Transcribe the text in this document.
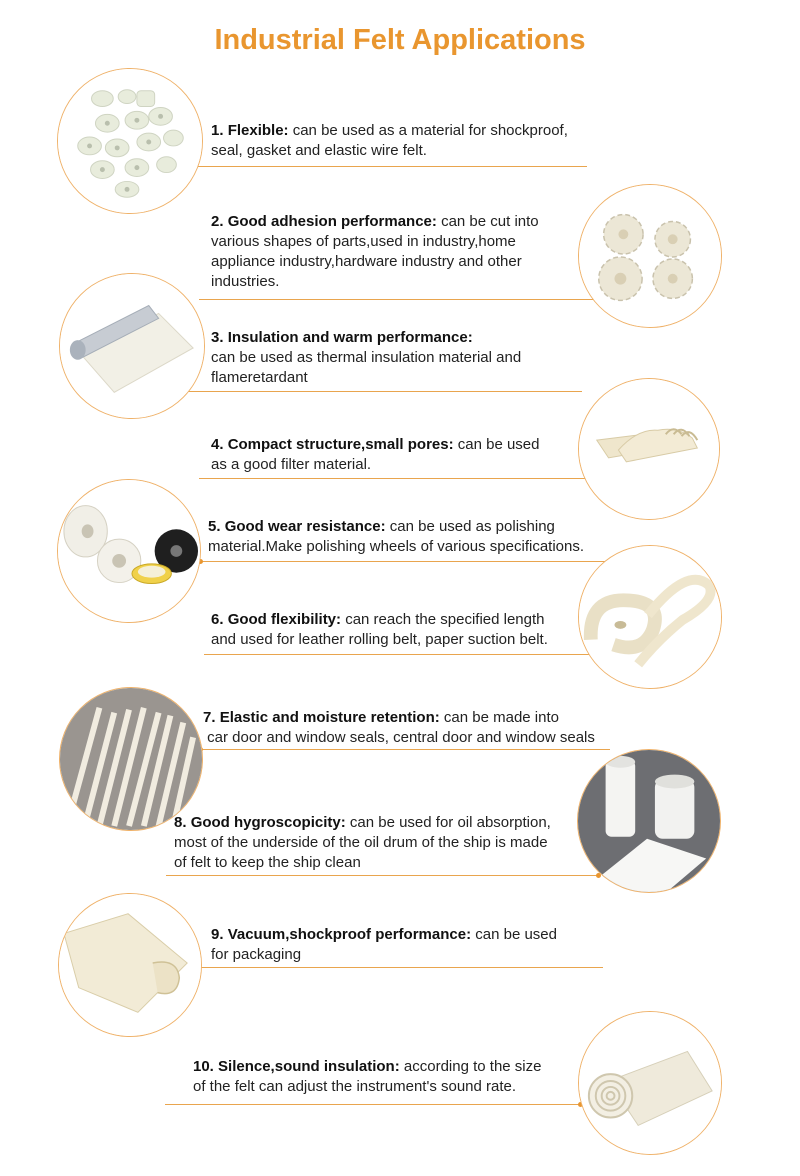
Industrial Felt Applications
1. Flexible: can be used as a material for shockproof,
seal, gasket and elastic wire felt.
2. Good adhesion performance: can be cut into
various shapes of parts,used in industry,home
appliance industry,hardware industry and other
industries.
3. Insulation and warm performance:
can be used as thermal insulation material and
flameretardant
4. Compact structure,small pores: can be used
as a good filter material.
5. Good wear resistance: can be used as polishing
material.Make polishing wheels of various specifications.
6. Good flexibility: can reach the specified length
and used for leather rolling belt, paper suction belt.
7. Elastic and moisture retention: can be made into
car door and window seals, central door and window seals
8. Good hygroscopicity: can be used for oil absorption,
most of the underside of the oil drum of the ship is made
of felt to keep the ship clean
9. Vacuum,shockproof performance: can be used
for packaging
10. Silence,sound insulation: according to the size
of the felt can adjust the instrument's sound rate.
